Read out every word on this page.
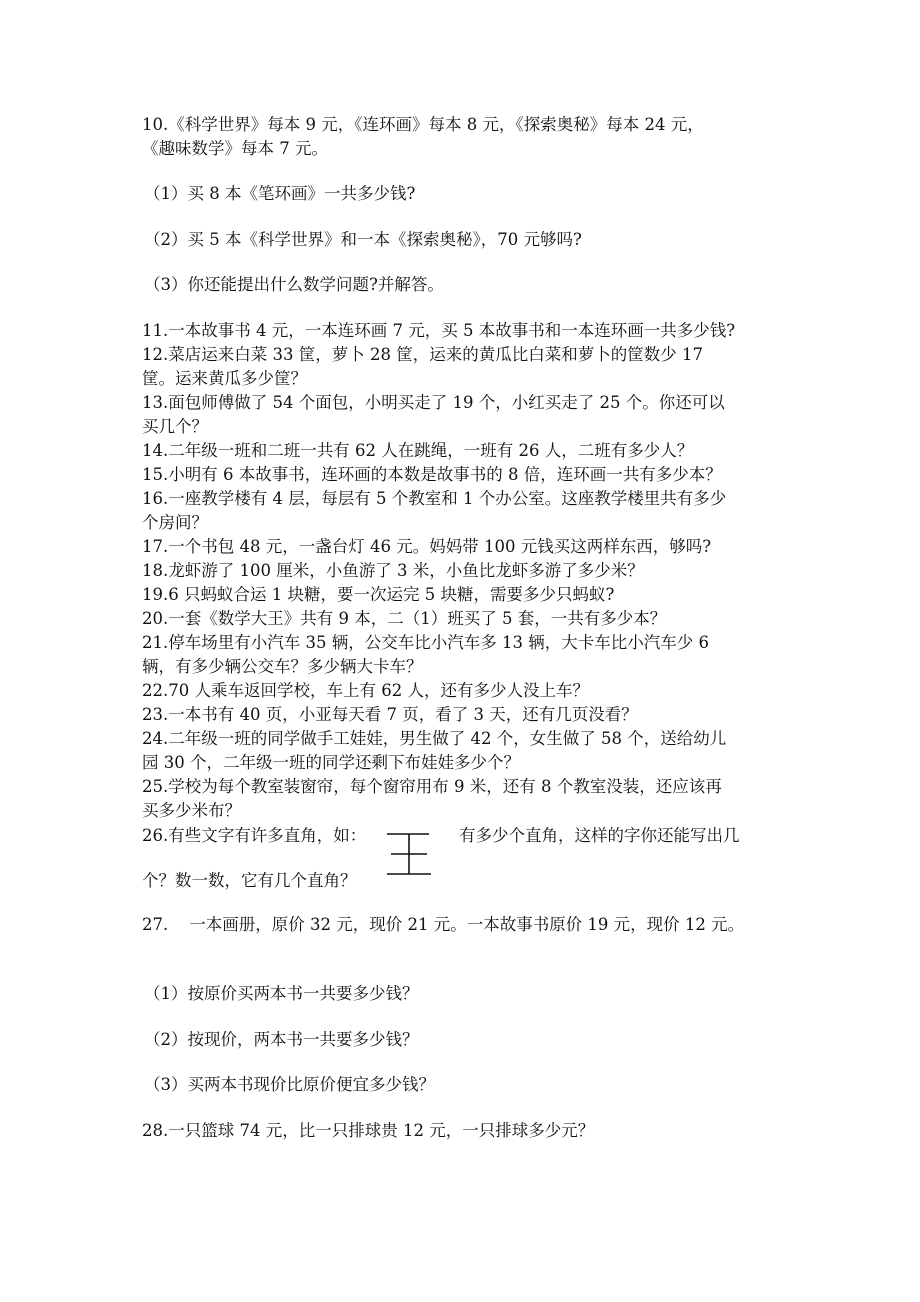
10.《科学世界》每本 9 元，《连环画》每本 8 元，《探索奥秘》每本 24 元，
《趣味数学》每本 7 元。
（1）买 8 本《笔环画》一共多少钱?
（2）买 5 本《科学世界》和一本《探索奥秘》，70 元够吗?
（3）你还能提出什么数学问题?并解答。
11.一本故事书 4 元，一本连环画 7 元，买 5 本故事书和一本连环画一共多少钱?
12.菜店运来白菜 33 筐，萝卜 28 筐，运来的黄瓜比白菜和萝卜的筐数少 17
筐。运来黄瓜多少筐？
13.面包师傅做了 54 个面包，小明买走了 19 个，小红买走了 25 个。你还可以
买几个？
14.二年级一班和二班一共有 62 人在跳绳，一班有 26 人，二班有多少人？
15.小明有 6 本故事书，连环画的本数是故事书的 8 倍，连环画一共有多少本？
16.一座教学楼有 4 层，每层有 5 个教室和 1 个办公室。这座教学楼里共有多少
个房间？
17.一个书包 48 元，一盏台灯 46 元。妈妈带 100 元钱买这两样东西，够吗?
18.龙虾游了 100 厘米，小鱼游了 3 米，小鱼比龙虾多游了多少米？
19.6 只蚂蚁合运 1 块糖，要一次运完 5 块糖，需要多少只蚂蚁?
20.一套《数学大王》共有 9 本，二（1）班买了 5 套，一共有多少本？
21.停车场里有小汽车 35 辆，公交车比小汽车多 13 辆，大卡车比小汽车少 6
辆，有多少辆公交车？多少辆大卡车？
22.70 人乘车返回学校，车上有 62 人，还有多少人没上车？
23.一本书有 40 页，小亚每天看 7 页，看了 3 天，还有几页没看？
24.二年级一班的同学做手工娃娃，男生做了 42 个，女生做了 58 个，送给幼儿
园 30 个，二年级一班的同学还剩下布娃娃多少个？
25.学校为每个教室装窗帘，每个窗帘用布 9 米，还有 8 个教室没装，还应该再
买多少米布？
26.有些文字有许多直角，如：	有多少个直角，这样的字你还能写出几
个？数一数，它有几个直角？
27.    一本画册，原价 32 元，现价 21 元。一本故事书原价 19 元，现价 12 元。
（1）按原价买两本书一共要多少钱？
（2）按现价，两本书一共要多少钱？
（3）买两本书现价比原价便宜多少钱？
28.一只篮球 74 元，比一只排球贵 12 元，一只排球多少元？
